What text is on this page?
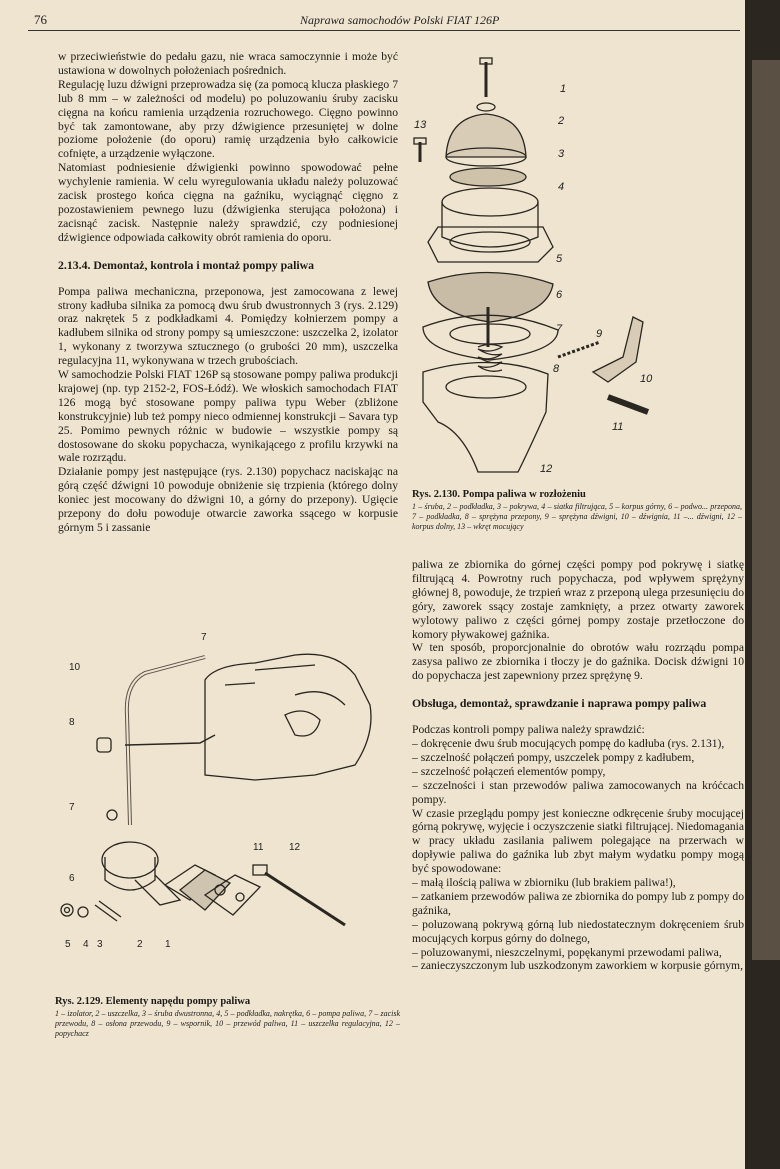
76	Naprawa samochodów Polski FIAT 126P

w przeciwieństwie do pedału gazu, nie wraca samoczynnie i może być ustawiona w dowolnych położeniach pośrednich.

Regulację luzu dźwigni przeprowadza się (za pomocą klucza płaskiego 7 lub 8 mm – w zależności od modelu) po poluzowaniu śruby zacisku cięgna na końcu ramienia urządzenia rozruchowego. Cięgno powinno być tak zamontowane, aby przy dźwigience przesuniętej w dolne poziome położenie (do oporu) ramię urządzenia było całkowicie cofnięte, a urządzenie wyłączone.

Natomiast podniesienie dźwigienki powinno spowodować pełne wychylenie ramienia. W celu wyregulowania układu należy poluzować zacisk prostego końca cięgna na gaźniku, wyciągnąć cięgno z pozostawieniem pewnego luzu (dźwigienka sterująca położona) i zacisnąć zacisk. Następnie należy sprawdzić, czy podniesionej dźwigience odpowiada całkowity obrót ramienia do oporu.

2.13.4. Demontaż, kontrola i montaż pompy paliwa

Pompa paliwa mechaniczna, przeponowa, jest zamocowana z lewej strony kadłuba silnika za pomocą dwu śrub dwustronnych 3 (rys. 2.129) oraz nakrętek 5 z podkładkami 4. Pomiędzy kołnierzem pompy a kadłubem silnika od strony pompy są umieszczone: uszczelka 2, izolator 1, wykonany z tworzywa sztucznego (o grubości 20 mm), uszczelka regulacyjna 11, wykonywana w trzech grubościach.

W samochodzie Polski FIAT 126P są stosowane pompy paliwa produkcji krajowej (np. typ 2152-2, FOS-Łódź). We włoskich samochodach FIAT 126 mogą być stosowane pompy paliwa typu Weber (zbliżone konstrukcyjnie) lub też pompy nieco odmiennej konstrukcji – Savara typ 25. Pomimo pewnych różnic w budowie – wszystkie pompy są dostosowane do skoku popychacza, wynikającego z profilu krzywki na wale rozrządu.

Działanie pompy jest następujące (rys. 2.130) popychacz naciskając na górą część dźwigni 10 powoduje obniżenie się trzpienia (którego dolny koniec jest mocowany do dźwigni 10, a górny do przepony). Ugięcie przepony do dołu powoduje otwarcie zaworka ssącego w korpusie górnym 5 i zassanie

7
10
8
7
6
5 4 3	2 1
11	12

Rys. 2.129. Elementy napędu pompy paliwa

1 – izolator, 2 – uszczelka, 3 – śruba dwustronna, 4, 5 – podkładka, nakrętka, 6 – pompa paliwa, 7 – zacisk przewodu, 8 – osłona przewodu, 9 – wspornik, 10 – przewód paliwa, 11 – uszczelka regulacyjna, 12 – popychacz

1
2
3
4
5
6
7
8
9
10
11
12
13

Rys. 2.130. Pompa paliwa w rozłożeniu

1 – śruba, 2 – podkładka, 3 – pokrywa, 4 – siatka filtrująca, 5 – korpus górny, 6 – podwo... przepona, 7 – podkładka, 8 – sprężyna przepony, 9 – sprężyna dźwigni, 10 – dźwignia, 11 –... dźwigni, 12 – korpus dolny, 13 – wkręt mocujący

paliwa ze zbiornika do górnej części pompy pod pokrywę i siatkę filtrującą 4. Powrotny ruch popychacza, pod wpływem sprężyny głównej 8, powoduje, że trzpień wraz z przeponą ulega przesunięciu do góry, zaworek ssący zostaje zamknięty, a przez otwarty zaworek wylotowy paliwo z części górnej pompy zostaje przetłoczone do komory pływakowej gaźnika.

W ten sposób, proporcjonalnie do obrotów wału rozrządu pompa zasysa paliwo ze zbiornika i tłoczy je do gaźnika. Docisk dźwigni 10 do popychacza jest zapewniony przez sprężynę 9.

Obsługa, demontaż, sprawdzanie i naprawa pompy paliwa

Podczas kontroli pompy paliwa należy sprawdzić:

– dokręcenie dwu śrub mocujących pompę do kadłuba (rys. 2.131),

– szczelność połączeń pompy, uszczelek pompy z kadłubem,

– szczelność połączeń elementów pompy,

– szczelności i stan przewodów paliwa zamocowanych na króćcach pompy.

W czasie przeglądu pompy jest konieczne odkręcenie śruby mocującej górną pokrywę, wyjęcie i oczyszczenie siatki filtrującej. Niedomagania w pracy układu zasilania paliwem polegające na przerwach w dopływie paliwa do gaźnika lub zbyt małym wydatku pompy mogą być spowodowane:

– małą ilością paliwa w zbiorniku (lub brakiem paliwa!),

– zatkaniem przewodów paliwa ze zbiornika do pompy lub z pompy do gaźnika,

– poluzowaną pokrywą górną lub niedostatecznym dokręceniem śrub mocujących korpus górny do dolnego,

– poluzowanymi, nieszczelnymi, popękanymi przewodami paliwa,

– zanieczyszczonym lub uszkodzonym zaworkiem w korpusie górnym,
